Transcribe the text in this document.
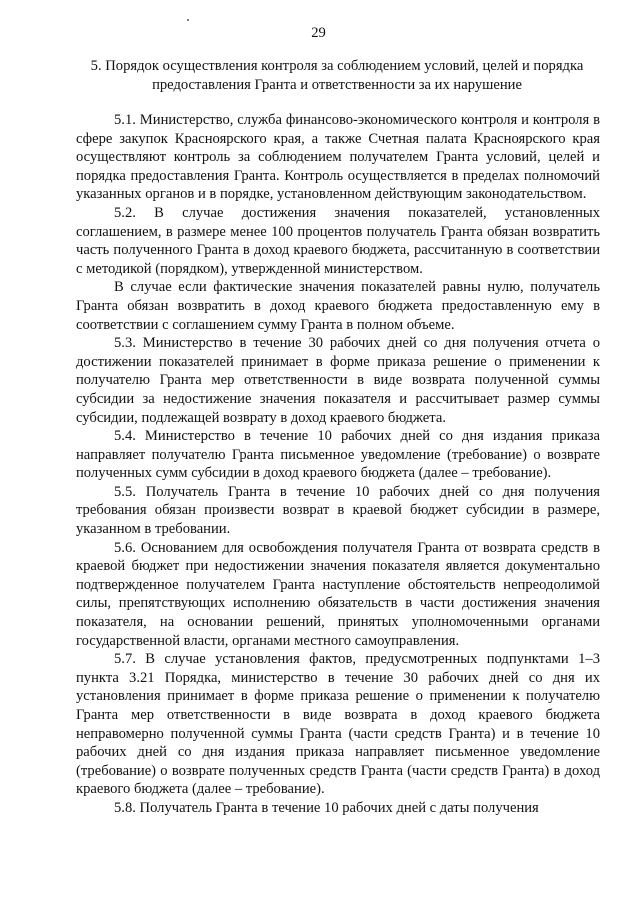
29
5. Порядок осуществления контроля за соблюдением условий, целей и порядка предоставления Гранта и ответственности за их нарушение

5.1. Министерство, служба финансово-экономического контроля и контроля в сфере закупок Красноярского края, а также Счетная палата Красноярского края осуществляют контроль за соблюдением получателем Гранта условий, целей и порядка предоставления Гранта. Контроль осуществляется в пределах полномочий указанных органов и в порядке, установленном действующим законодательством.

5.2. В случае достижения значения показателей, установленных соглашением, в размере менее 100 процентов получатель Гранта обязан возвратить часть полученного Гранта в доход краевого бюджета, рассчитанную в соответствии с методикой (порядком), утвержденной министерством.

В случае если фактические значения показателей равны нулю, получатель Гранта обязан возвратить в доход краевого бюджета предоставленную ему в соответствии с соглашением сумму Гранта в полном объеме.

5.3. Министерство в течение 30 рабочих дней со дня получения отчета о достижении показателей принимает в форме приказа решение о применении к получателю Гранта мер ответственности в виде возврата полученной суммы субсидии за недостижение значения показателя и рассчитывает размер суммы субсидии, подлежащей возврату в доход краевого бюджета.

5.4. Министерство в течение 10 рабочих дней со дня издания приказа направляет получателю Гранта письменное уведомление (требование) о возврате полученных сумм субсидии в доход краевого бюджета (далее – требование).

5.5. Получатель Гранта в течение 10 рабочих дней со дня получения требования обязан произвести возврат в краевой бюджет субсидии в размере, указанном в требовании.

5.6. Основанием для освобождения получателя Гранта от возврата средств в краевой бюджет при недостижении значения показателя является документально подтвержденное получателем Гранта наступление обстоятельств непреодолимой силы, препятствующих исполнению обязательств в части достижения значения показателя, на основании решений, принятых уполномоченными органами государственной власти, органами местного самоуправления.

5.7. В случае установления фактов, предусмотренных подпунктами 1–3 пункта 3.21 Порядка, министерство в течение 30 рабочих дней со дня их установления принимает в форме приказа решение о применении к получателю Гранта мер ответственности в виде возврата в доход краевого бюджета неправомерно полученной суммы Гранта (части средств Гранта) и в течение 10 рабочих дней со дня издания приказа направляет письменное уведомление (требование) о возврате полученных средств Гранта (части средств Гранта) в доход краевого бюджета (далее – требование).

5.8. Получатель Гранта в течение 10 рабочих дней с даты получения
